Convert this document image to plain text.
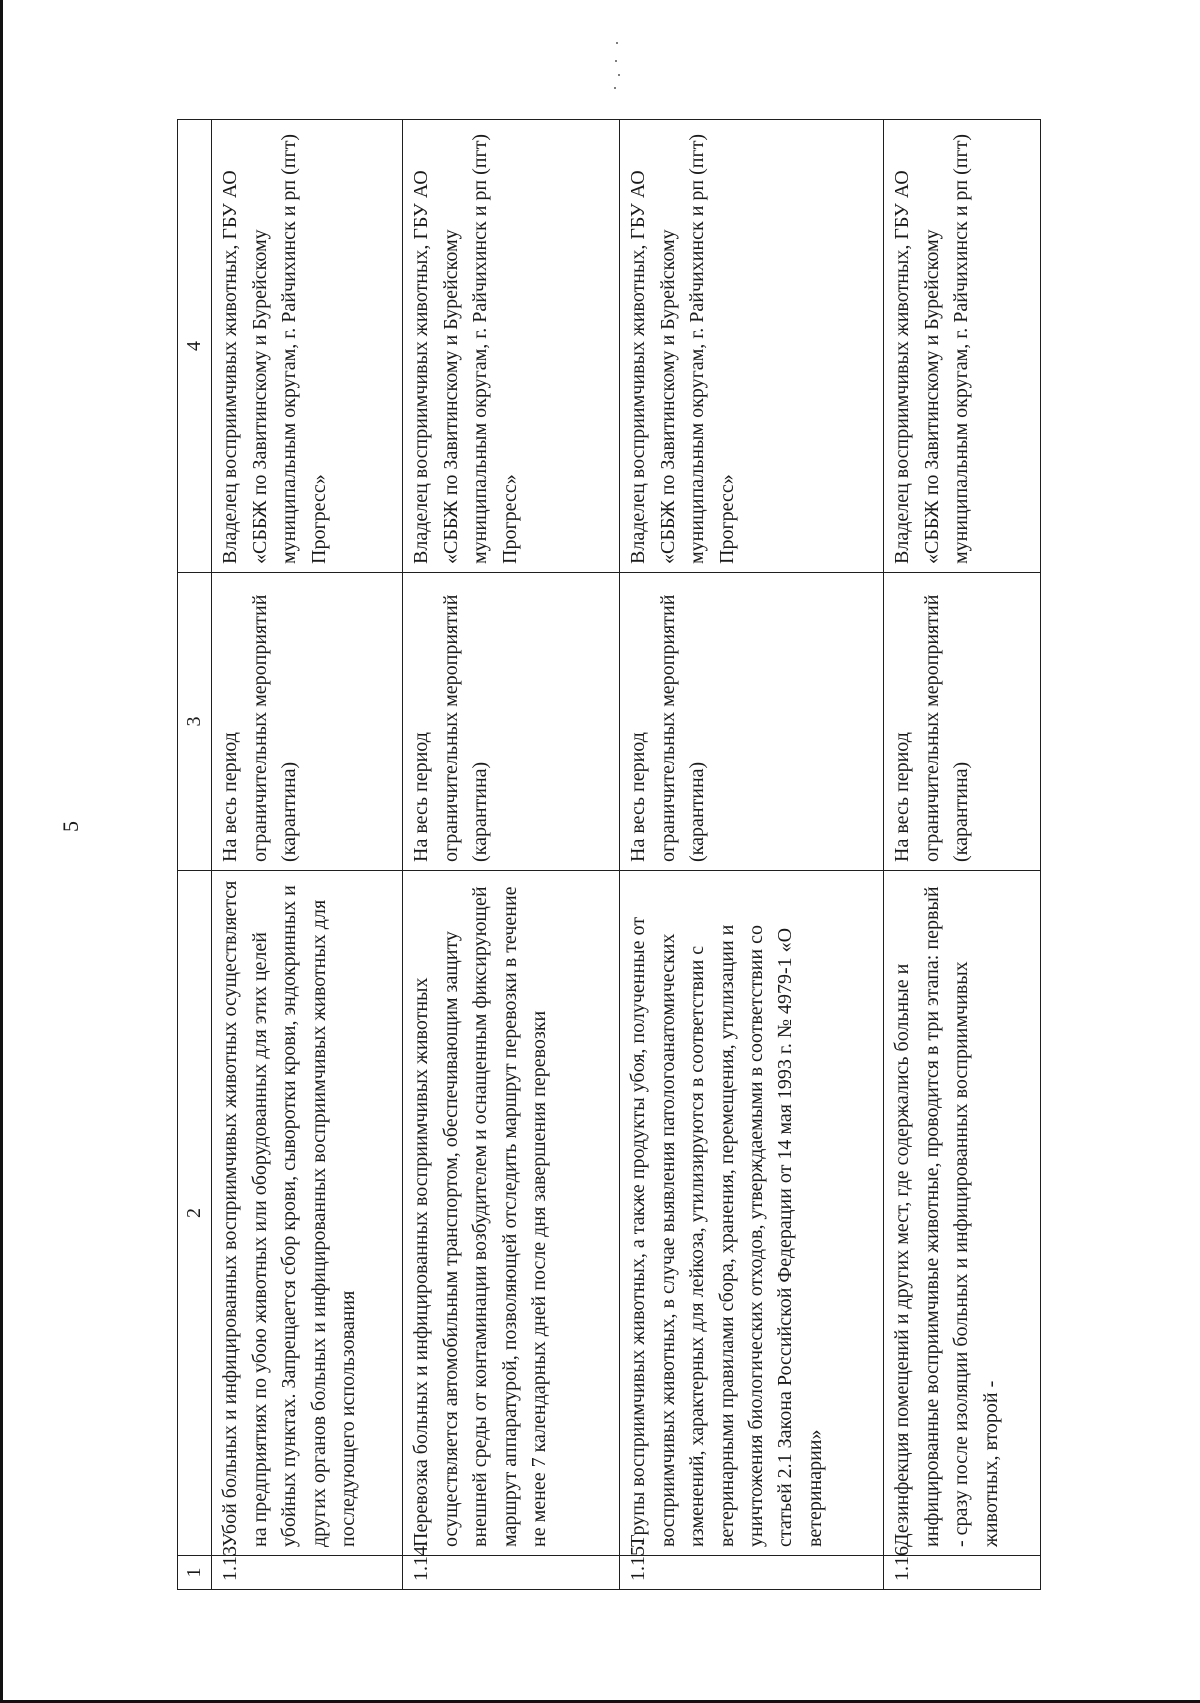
5
1	2	3	4
1.13.	Убой больных и инфицированных восприимчивых животных осуществляется на предприятиях по убою животных или оборудованных для этих целей убойных пунктах. Запрещается сбор крови, сыворотки крови, эндокринных и других органов больных и инфицированных восприимчивых животных для последующего использования	На весь период ограничительных мероприятий (карантина)	Владелец восприимчивых животных, ГБУ АО «СББЖ по Завитинскому и Бурейскому муниципальным округам, г. Райчихинск и рп (пгт) Прогресс»
1.14.	Перевозка больных и инфицированных восприимчивых животных осуществляется автомобильным транспортом, обеспечивающим защиту внешней среды от контаминации возбудителем и оснащенным фиксирующей маршрут аппаратурой, позволяющей отследить маршрут перевозки в течение не менее 7 календарных дней после дня завершения перевозки	На весь период ограничительных мероприятий (карантина)	Владелец восприимчивых животных, ГБУ АО «СББЖ по Завитинскому и Бурейскому муниципальным округам, г. Райчихинск и рп (пгт) Прогресс»
1.15.	Трупы восприимчивых животных, а также продукты убоя, полученные от восприимчивых животных, в случае выявления патологоанатомических изменений, характерных для лейкоза, утилизируются в соответствии с ветеринарными правилами сбора, хранения, перемещения, утилизации и уничтожения биологических отходов, утверждаемыми в соответствии со статьей 2.1 Закона Российской Федерации от 14 мая 1993 г. № 4979-1 «О ветеринарии»	На весь период ограничительных мероприятий (карантина)	Владелец восприимчивых животных, ГБУ АО «СББЖ по Завитинскому и Бурейскому муниципальным округам, г. Райчихинск и рп (пгт) Прогресс»
1.16.	Дезинфекция помещений и других мест, где содержались больные и инфицированные восприимчивые животные, проводится в три этапа: первый - сразу после изоляции больных и инфицированных восприимчивых животных, второй -	На весь период ограничительных мероприятий (карантина)	Владелец восприимчивых животных, ГБУ АО «СББЖ по Завитинскому и Бурейскому муниципальным округам, г. Райчихинск и рп (пгт)
